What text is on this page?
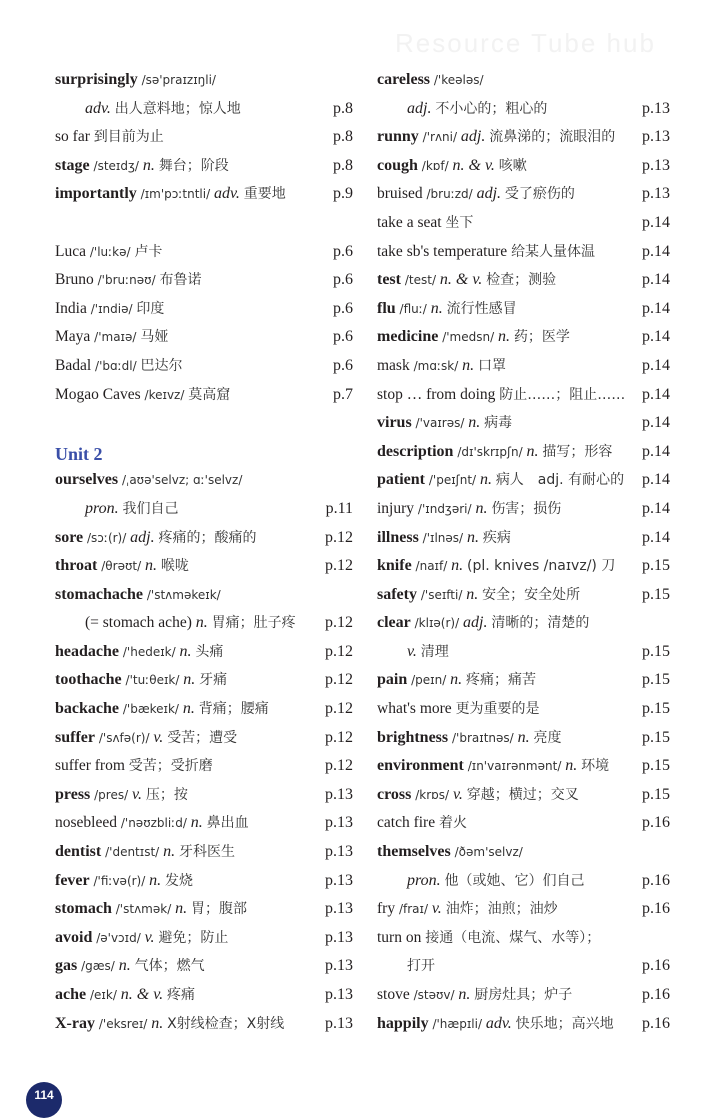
Resource Tube hub
surprisingly /sə'praɪzɪŋli/
adv. 出人意料地；惊人地	p.8
so far 到目前为止	p.8
stage /steɪdʒ/ n. 舞台；阶段	p.8
importantly /ɪm'pɔːtntli/ adv. 重要地	p.9
Luca /'luːkə/ 卢卡	p.6
Bruno /'bruːnəʊ/ 布鲁诺	p.6
India /'ɪndiə/ 印度	p.6
Maya /'maɪə/ 马娅	p.6
Badal /'bɑːdl/ 巴达尔	p.6
Mogao Caves /keɪvz/ 莫高窟	p.7
Unit 2
ourselves /ˌaʊə'selvz; ɑː'selvz/
pron. 我们自己	p.11
sore /sɔː(r)/ adj. 疼痛的；酸痛的	p.12
throat /θrəʊt/ n. 喉咙	p.12
stomachache /'stʌməkeɪk/
(= stomach ache) n. 胃痛；肚子疼 p.12
headache /'hedeɪk/ n. 头痛	p.12
toothache /'tuːθeɪk/ n. 牙痛	p.12
backache /'bækeɪk/ n. 背痛；腰痛	p.12
suffer /'sʌfə(r)/ v. 受苦；遭受	p.12
suffer from 受苦；受折磨	p.12
press /pres/ v. 压；按	p.13
nosebleed /'nəʊzbliːd/ n. 鼻出血	p.13
dentist /'dentɪst/ n. 牙科医生	p.13
fever /'fiːvə(r)/ n. 发烧	p.13
stomach /'stʌmək/ n. 胃；腹部	p.13
avoid /ə'vɔɪd/ v. 避免；防止	p.13
gas /gæs/ n. 气体；燃气	p.13
ache /eɪk/ n. & v. 疼痛	p.13
X-ray /'eksreɪ/ n. X射线检查；X射线	p.13
careless /'keələs/
adj. 不小心的；粗心的	p.13
runny /'rʌni/ adj. 流鼻涕的；流眼泪的 p.13
cough /kɒf/ n. & v. 咳嗽	p.13
bruised /bruːzd/ adj. 受了瘀伤的	p.13
take a seat 坐下	p.14
take sb's temperature 给某人量体温	p.14
test /test/ n. & v. 检查；测验	p.14
flu /fluː/ n. 流行性感冒	p.14
medicine /'medsn/ n. 药；医学	p.14
mask /mɑːsk/ n. 口罩	p.14
stop … from doing 防止……；阻止…… p.14
virus /'vaɪrəs/ n. 病毒	p.14
description /dɪ'skrɪpʃn/ n. 描写；形容 p.14
patient /'peɪʃnt/ n. 病人　adj. 有耐心的 p.14
injury /'ɪndʒəri/ n. 伤害；损伤	p.14
illness /'ɪlnəs/ n. 疾病	p.14
knife /naɪf/ n. (pl. knives /naɪvz/) 刀 p.15
safety /'seɪfti/ n. 安全；安全处所	p.15
clear /klɪə(r)/ adj. 清晰的；清楚的
v. 清理	p.15
pain /peɪn/ n. 疼痛；痛苦	p.15
what's more 更为重要的是	p.15
brightness /'braɪtnəs/ n. 亮度	p.15
environment /ɪn'vaɪrənmənt/ n. 环境 p.15
cross /krɒs/ v. 穿越；横过；交叉	p.15
catch fire 着火	p.16
themselves /ðəm'selvz/
pron. 他（或她、它）们自己	p.16
fry /fraɪ/ v. 油炸；油煎；油炒	p.16
turn on 接通（电流、煤气、水等）；
打开	p.16
stove /stəʊv/ n. 厨房灶具；炉子	p.16
happily /'hæpɪli/ adv. 快乐地；高兴地 p.16
114
